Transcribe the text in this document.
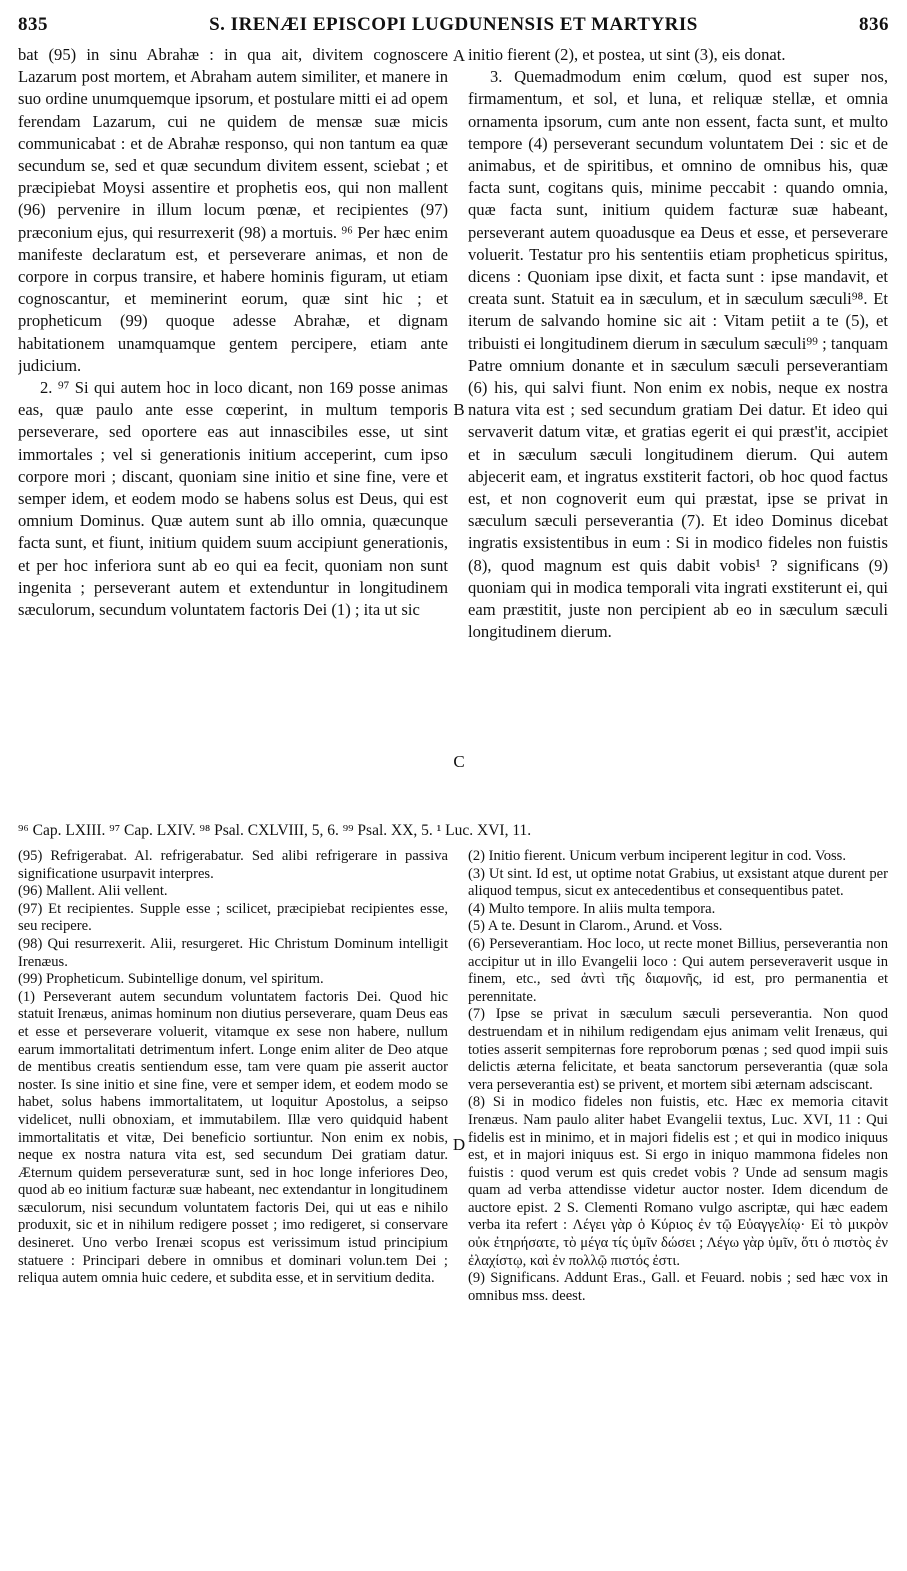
835	S. IRENÆI EPISCOPI LUGDUNENSIS ET MARTYRIS	836
A
B
C
D

bat (95) in sinu Abrahæ : in qua ait, divitem cognoscere Lazarum post mortem, et Abraham autem similiter, et manere in suo ordine unumquemque ipsorum, et postulare mitti ei ad opem ferendam Lazarum, cui ne quidem de mensæ suæ micis communicabat : et de Abrahæ responso, qui non tantum ea quæ secundum se, sed et quæ secundum divitem essent, sciebat ; et præcipiebat Moysi assentire et prophetis eos, qui non mallent (96) pervenire in illum locum pœnæ, et recipientes (97) præconium ejus, qui resurrexerit (98) a mortuis. ⁹⁶ Per hæc enim manifeste declaratum est, et perseverare animas, et non de corpore in corpus transire, et habere hominis figuram, ut etiam cognoscantur, et meminerint eorum, quæ sint hic ; et propheticum (99) quoque adesse Abrahæ, et dignam habitationem unamquamque gentem percipere, etiam ante judicium.

2. ⁹⁷ Si qui autem hoc in loco dicant, non 169 posse animas eas, quæ paulo ante esse cœperint, in multum temporis perseverare, sed oportere eas aut innascibiles esse, ut sint immortales ; vel si generationis initium acceperint, cum ipso corpore mori ; discant, quoniam sine initio et sine fine, vere et semper idem, et eodem modo se habens solus est Deus, qui est omnium Dominus. Quæ autem sunt ab illo omnia, quæcunque facta sunt, et fiunt, initium quidem suum accipiunt generationis, et per hoc inferiora sunt ab eo qui ea fecit, quoniam non sunt ingenita ; perseverant autem et extenduntur in longitudinem sæculorum, secundum voluntatem factoris Dei (1) ; ita ut sic

initio fierent (2), et postea, ut sint (3), eis donat.

3. Quemadmodum enim cœlum, quod est super nos, firmamentum, et sol, et luna, et reliquæ stellæ, et omnia ornamenta ipsorum, cum ante non essent, facta sunt, et multo tempore (4) perseverant secundum voluntatem Dei : sic et de animabus, et de spiritibus, et omnino de omnibus his, quæ facta sunt, cogitans quis, minime peccabit : quando omnia, quæ facta sunt, initium quidem facturæ suæ habeant, perseverant autem quoadusque ea Deus et esse, et perseverare voluerit. Testatur pro his sententiis etiam propheticus spiritus, dicens : Quoniam ipse dixit, et facta sunt : ipse mandavit, et creata sunt. Statuit ea in sæculum, et in sæculum sæculi⁹⁸. Et iterum de salvando homine sic ait : Vitam petiit a te (5), et tribuisti ei longitudinem dierum in sæculum sæculi⁹⁹ ; tanquam Patre omnium donante et in sæculum sæculi perseverantiam (6) his, qui salvi fiunt. Non enim ex nobis, neque ex nostra natura vita est ; sed secundum gratiam Dei datur. Et ideo qui servaverit datum vitæ, et gratias egerit ei qui præst'it, accipiet et in sæculum sæculi longitudinem dierum. Qui autem abjecerit eam, et ingratus exstiterit factori, ob hoc quod factus est, et non cognoverit eum qui præstat, ipse se privat in sæculum sæculi perseverantia (7). Et ideo Dominus dicebat ingratis exsistentibus in eum : Si in modico fideles non fuistis (8), quod magnum est quis dabit vobis¹ ? significans (9) quoniam qui in modica temporali vita ingrati exstiterunt ei, qui eam præstitit, juste non percipient ab eo in sæculum sæculi longitudinem dierum.

⁹⁶ Cap. LXIII. ⁹⁷ Cap. LXIV. ⁹⁸ Psal. CXLVIII, 5, 6. ⁹⁹ Psal. XX, 5. ¹ Luc. XVI, 11.

(95) Refrigerabat. Al. refrigerabatur. Sed alibi refrigerare in passiva significatione usurpavit interpres.

(96) Mallent. Alii vellent.

(97) Et recipientes. Supple esse ; scilicet, præcipiebat recipientes esse, seu recipere.

(98) Qui resurrexerit. Alii, resurgeret. Hic Christum Dominum intelligit Irenæus.

(99) Propheticum. Subintellige donum, vel spiritum.

(1) Perseverant autem secundum voluntatem factoris Dei. Quod hic statuit Irenæus, animas hominum non diutius perseverare, quam Deus eas et esse et perseverare voluerit, vitamque ex sese non habere, nullum earum immortalitati detrimentum infert. Longe enim aliter de Deo atque de mentibus creatis sentiendum esse, tam vere quam pie asserit auctor noster. Is sine initio et sine fine, vere et semper idem, et eodem modo se habet, solus habens immortalitatem, ut loquitur Apostolus, a seipso videlicet, nulli obnoxiam, et immutabilem. Illæ vero quidquid habent immortalitatis et vitæ, Dei beneficio sortiuntur. Non enim ex nobis, neque ex nostra natura vita est, sed secundum Dei gratiam datur. Æternum quidem perseveraturæ sunt, sed in hoc longe inferiores Deo, quod ab eo initium facturæ suæ habeant, nec extendantur in longitudinem sæculorum, nisi secundum voluntatem factoris Dei, qui ut eas e nihilo produxit, sic et in nihilum redigere posset ; imo redigeret, si conservare desineret. Uno verbo Irenæi scopus est verissimum istud principium statuere : Principari debere in omnibus et dominari volun.tem Dei ; reliqua autem omnia huic cedere, et subdita esse, et in servitium dedita.

(2) Initio fierent. Unicum verbum inciperent legitur in cod. Voss.

(3) Ut sint. Id est, ut optime notat Grabius, ut exsistant atque durent per aliquod tempus, sicut ex antecedentibus et consequentibus patet.

(4) Multo tempore. In aliis multa tempora.

(5) A te. Desunt in Clarom., Arund. et Voss.

(6) Perseverantiam. Hoc loco, ut recte monet Billius, perseverantia non accipitur ut in illo Evangelii loco : Qui autem perseveraverit usque in finem, etc., sed ἀντὶ τῆς διαμονῆς, id est, pro permanentia et perennitate.

(7) Ipse se privat in sæculum sæculi perseverantia. Non quod destruendam et in nihilum redigendam ejus animam velit Irenæus, qui toties asserit sempiternas fore reproborum pœnas ; sed quod impii suis delictis æterna felicitate, et beata sanctorum perseverantia (quæ sola vera perseverantia est) se privent, et mortem sibi æternam adsciscant.

(8) Si in modico fideles non fuistis, etc. Hæc ex memoria citavit Irenæus. Nam paulo aliter habet Evangelii textus, Luc. XVI, 11 : Qui fidelis est in minimo, et in majori fidelis est ; et qui in modico iniquus est, et in majori iniquus est. Si ergo in iniquo mammona fideles non fuistis : quod verum est quis credet vobis ? Unde ad sensum magis quam ad verba attendisse videtur auctor noster. Idem dicendum de auctore epist. 2 S. Clementi Romano vulgo ascriptæ, qui hæc eadem verba ita refert : Λέγει γὰρ ὁ Κύριος ἐν τῷ Εὐαγγελίῳ· Εἰ τὸ μικρὸν οὐκ ἐτηρήσατε, τὸ μέγα τίς ὑμῖν δώσει ; Λέγω γὰρ ὑμῖν, ὅτι ὁ πιστὸς ἐν ἐλαχίστῳ, καὶ ἐν πολλῷ πιστός ἐστι.

(9) Significans. Addunt Eras., Gall. et Feuard. nobis ; sed hæc vox in omnibus mss. deest.
